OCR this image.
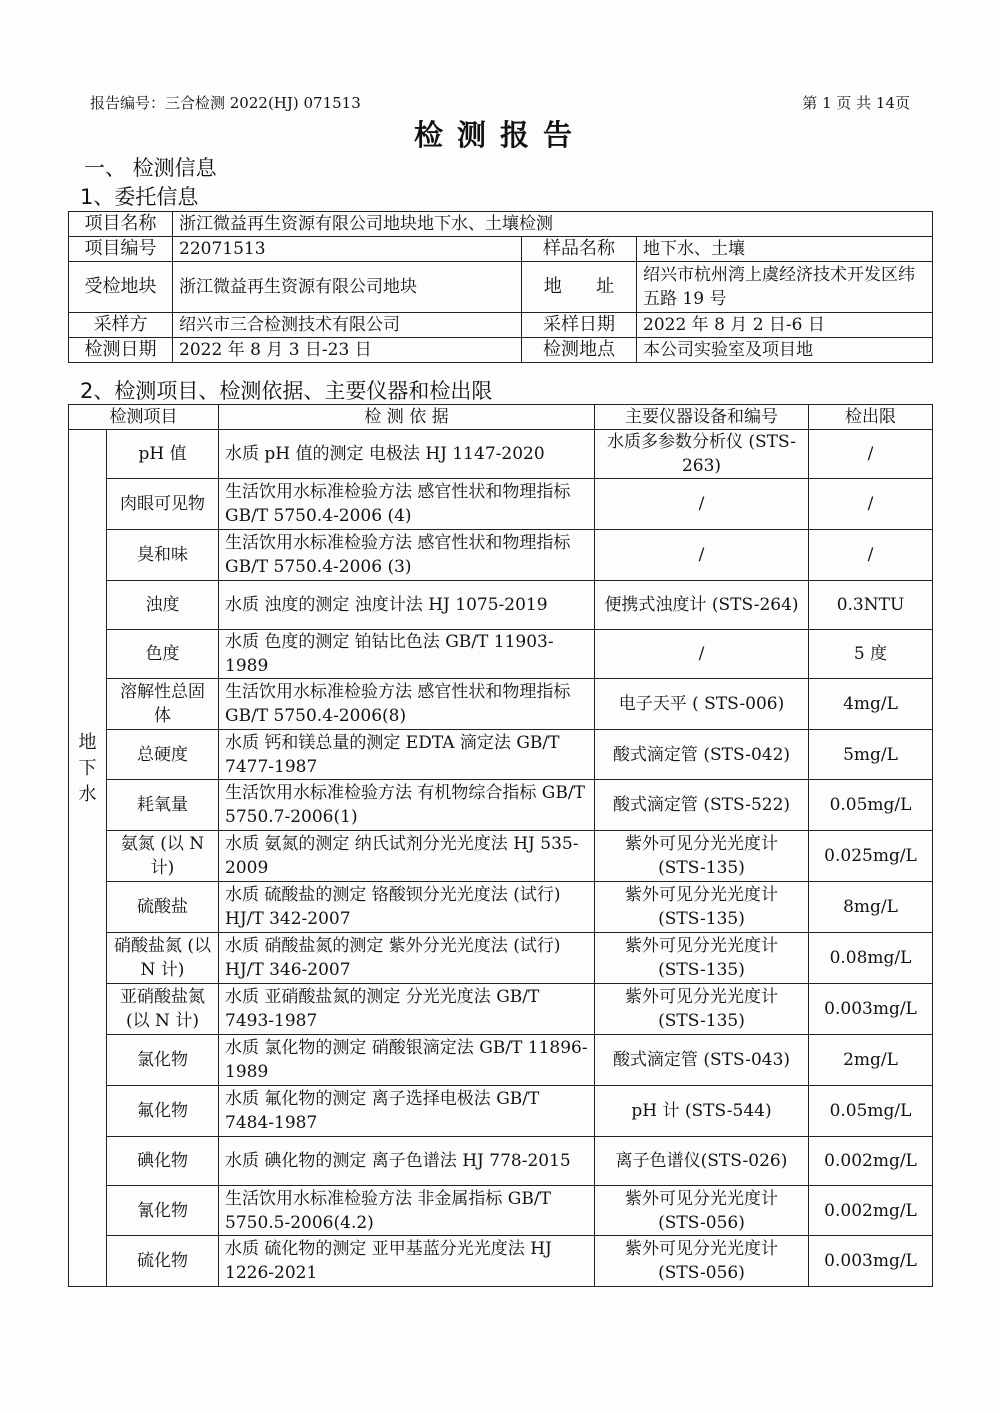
报告编号：三合检测 2022(HJ) 071513	第 1 页 共 14页
检测报告
一、 检测信息
1、委托信息
项目名称	浙江微益再生资源有限公司地块地下水、土壤检测		
项目编号	22071513	样品名称	地下水、土壤
受检地块	浙江微益再生资源有限公司地块	地      址	绍兴市杭州湾上虞经济技术开发区纬五路 19 号
采样方	绍兴市三合检测技术有限公司	采样日期	2022 年 8 月 2 日-6 日
检测日期	2022 年 8 月 3 日-23 日	检测地点	本公司实验室及项目地
2、检测项目、检测依据、主要仪器和检出限
检测项目		检 测 依 据	主要仪器设备和编号	检出限

地
下
水	pH 值	水质 pH 值的测定 电极法 HJ 1147-2020	水质多参数分析仪 (STS-263)	/
	肉眼可见物	生活饮用水标准检验方法 感官性状和物理指标 GB/T 5750.4-2006 (4)	/	/
	臭和味	生活饮用水标准检验方法 感官性状和物理指标 GB/T 5750.4-2006 (3)	/	/
	浊度	水质 浊度的测定 浊度计法 HJ 1075-2019	便携式浊度计 (STS-264)	0.3NTU
	色度	水质 色度的测定 铂钴比色法 GB/T 11903-1989	/	5 度
	溶解性总固体	生活饮用水标准检验方法 感官性状和物理指标 GB/T 5750.4-2006(8)	电子天平 ( STS-006)	4mg/L
	总硬度	水质 钙和镁总量的测定 EDTA 滴定法 GB/T 7477-1987	酸式滴定管 (STS-042)	5mg/L
	耗氧量	生活饮用水标准检验方法 有机物综合指标 GB/T 5750.7-2006(1)	酸式滴定管 (STS-522)	0.05mg/L
	氨氮 (以 N 计)	水质 氨氮的测定 纳氏试剂分光光度法 HJ 535-2009	紫外可见分光光度计 (STS-135)	0.025mg/L
	硫酸盐	水质 硫酸盐的测定 铬酸钡分光光度法 (试行) HJ/T 342-2007	紫外可见分光光度计 (STS-135)	8mg/L
	硝酸盐氮 (以 N 计)	水质 硝酸盐氮的测定 紫外分光光度法 (试行) HJ/T 346-2007	紫外可见分光光度计 (STS-135)	0.08mg/L
	亚硝酸盐氮 (以 N 计)	水质 亚硝酸盐氮的测定 分光光度法 GB/T 7493-1987	紫外可见分光光度计 (STS-135)	0.003mg/L
	氯化物	水质 氯化物的测定 硝酸银滴定法 GB/T 11896-1989	酸式滴定管 (STS-043)	2mg/L
	氟化物	水质 氟化物的测定 离子选择电极法 GB/T 7484-1987	pH 计 (STS-544)	0.05mg/L
	碘化物	水质 碘化物的测定 离子色谱法 HJ 778-2015	离子色谱仪(STS-026)	0.002mg/L
	氰化物	生活饮用水标准检验方法 非金属指标 GB/T 5750.5-2006(4.2)	紫外可见分光光度计 (STS-056)	0.002mg/L
	硫化物	水质 硫化物的测定 亚甲基蓝分光光度法 HJ 1226-2021	紫外可见分光光度计 (STS-056)	0.003mg/L
